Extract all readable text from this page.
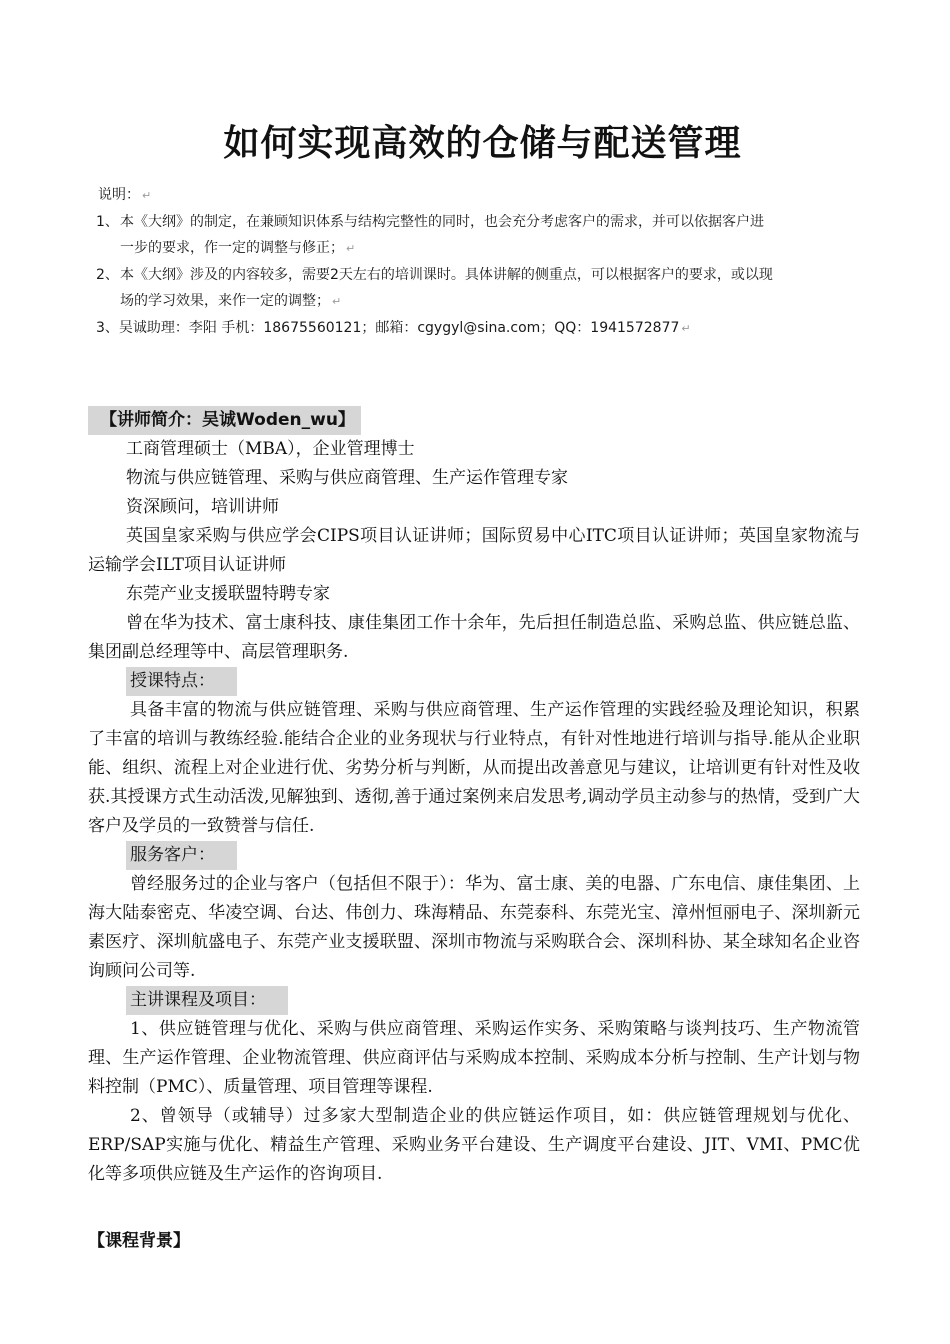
如何实现高效的仓储与配送管理
说明： ↵
1、 本《大纲》的制定，在兼顾知识体系与结构完整性的同时，也会充分考虑客户的需求，并可以依据客户进一步的要求，作一定的调整与修正； ↵
2、 本《大纲》涉及的内容较多，需要2天左右的培训课时。具体讲解的侧重点，可以根据客户的要求，或以现场的学习效果，来作一定的调整； ↵
3、吴诚助理：李阳 手机：18675560121；邮箱：cgygyl@sina.com；QQ：1941572877 ↵
【讲师简介：吴诚Woden_wu】

工商管理硕士（MBA），企业管理博士

物流与供应链管理、采购与供应商管理、生产运作管理专家

资深顾问，培训讲师

英国皇家采购与供应学会CIPS项目认证讲师；国际贸易中心ITC项目认证讲师；英国皇家物流与运输学会ILT项目认证讲师

东莞产业支援联盟特聘专家

曾在华为技术、富士康科技、康佳集团工作十余年，先后担任制造总监、采购总监、供应链总监、集团副总经理等中、高层管理职务.

授课特点：

具备丰富的物流与供应链管理、采购与供应商管理、生产运作管理的实践经验及理论知识，积累了丰富的培训与教练经验.能结合企业的业务现状与行业特点，有针对性地进行培训与指导.能从企业职能、组织、流程上对企业进行优、劣势分析与判断，从而提出改善意见与建议，让培训更有针对性及收获.其授课方式生动活泼,见解独到、透彻,善于通过案例来启发思考,调动学员主动参与的热情，受到广大客户及学员的一致赞誉与信任.

服务客户：

曾经服务过的企业与客户（包括但不限于）：华为、富士康、美的电器、广东电信、康佳集团、上海大陆泰密克、华凌空调、台达、伟创力、珠海精品、东莞泰科、东莞光宝、漳州恒丽电子、深圳新元素医疗、深圳航盛电子、东莞产业支援联盟、深圳市物流与采购联合会、深圳科协、某全球知名企业咨询顾问公司等.

主讲课程及项目：

1、供应链管理与优化、采购与供应商管理、采购运作实务、采购策略与谈判技巧、生产物流管理、生产运作管理、企业物流管理、供应商评估与采购成本控制、采购成本分析与控制、生产计划与物料控制（PMC）、质量管理、项目管理等课程.

2、曾领导（或辅导）过多家大型制造企业的供应链运作项目，如：供应链管理规划与优化、ERP/SAP实施与优化、精益生产管理、采购业务平台建设、生产调度平台建设、JIT、VMI、PMC优化等多项供应链及生产运作的咨询项目.

【课程背景】
